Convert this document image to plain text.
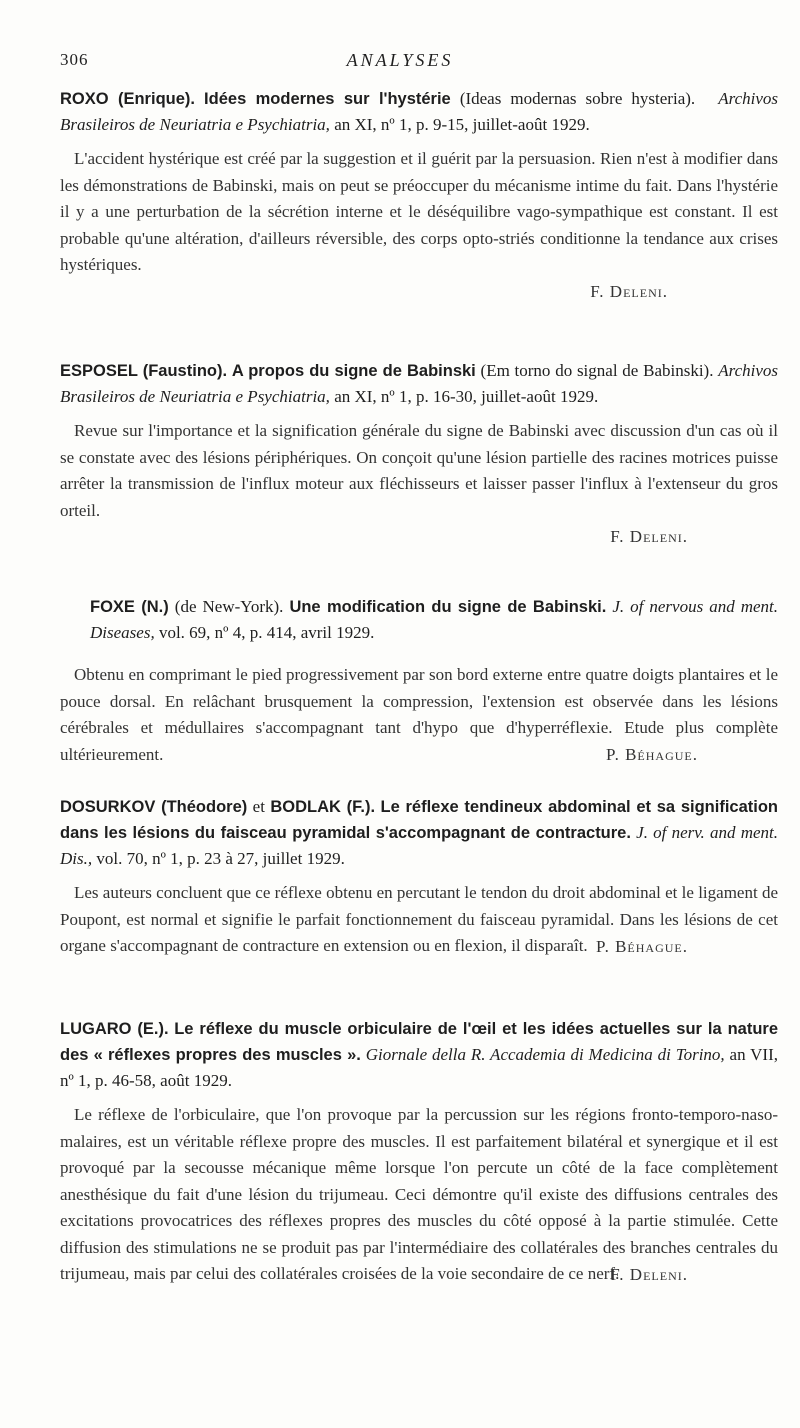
306	ANALYSES

ROXO (Enrique). Idées modernes sur l'hystérie (Ideas modernas sobre hysteria). Archivos Brasileiros de Neuriatria e Psychiatria, an XI, nº 1, p. 9-15, juillet-août 1929.

L'accident hystérique est créé par la suggestion et il guérit par la persuasion. Rien n'est à modifier dans les démonstrations de Babinski, mais on peut se préoccuper du mécanisme intime du fait. Dans l'hystérie il y a une perturbation de la sécrétion interne et le déséquilibre vago-sympathique est constant. Il est probable qu'une altération, d'ailleurs réversible, des corps opto-striés conditionne la tendance aux crises hystériques.

F. Deleni.

ESPOSEL (Faustino). A propos du signe de Babinski (Em torno do signal de Babinski). Archivos Brasileiros de Neuriatria e Psychiatria, an XI, nº 1, p. 16-30, juillet-août 1929.

Revue sur l'importance et la signification générale du signe de Babinski avec discussion d'un cas où il se constate avec des lésions périphériques. On conçoit qu'une lésion partielle des racines motrices puisse arrêter la transmission de l'influx moteur aux fléchisseurs et laisser passer l'influx à l'extenseur du gros orteil.

F. Deleni.

FOXE (N.) (de New-York). Une modification du signe de Babinski. J. of nervous and ment. Diseases, vol. 69, nº 4, p. 414, avril 1929.

Obtenu en comprimant le pied progressivement par son bord externe entre quatre doigts plantaires et le pouce dorsal. En relâchant brusquement la compression, l'extension est observée dans les lésions cérébrales et médullaires s'accompagnant tant d'hypo que d'hyperréflexie. Etude plus complète ultérieurement.	P. Béhague.

DOSURKOV (Théodore) et BODLAK (F.). Le réflexe tendineux abdominal et sa signification dans les lésions du faisceau pyramidal s'accompagnant de contracture. J. of nerv. and ment. Dis., vol. 70, nº 1, p. 23 à 27, juillet 1929.

Les auteurs concluent que ce réflexe obtenu en percutant le tendon du droit abdominal et le ligament de Poupont, est normal et signifie le parfait fonctionnement du faisceau pyramidal. Dans les lésions de cet organe s'accompagnant de contracture en extension ou en flexion, il disparaît. P. Béhague.

LUGARO (E.). Le réflexe du muscle orbiculaire de l'œil et les idées actuelles sur la nature des « réflexes propres des muscles ». Giornale della R. Accademia di Medicina di Torino, an VII, nº 1, p. 46-58, août 1929.

Le réflexe de l'orbiculaire, que l'on provoque par la percussion sur les régions fronto-temporo-naso-malaires, est un véritable réflexe propre des muscles. Il est parfaitement bilatéral et synergique et il est provoqué par la secousse mécanique même lorsque l'on percute un côté de la face complètement anesthésique du fait d'une lésion du trijumeau. Ceci démontre qu'il existe des diffusions centrales des excitations provocatrices des réflexes propres des muscles du côté opposé à la partie stimulée. Cette diffusion des stimulations ne se produit pas par l'intermédiaire des collatérales des branches centrales du trijumeau, mais par celui des collatérales croisées de la voie secondaire de ce nerf.

F. Deleni.
